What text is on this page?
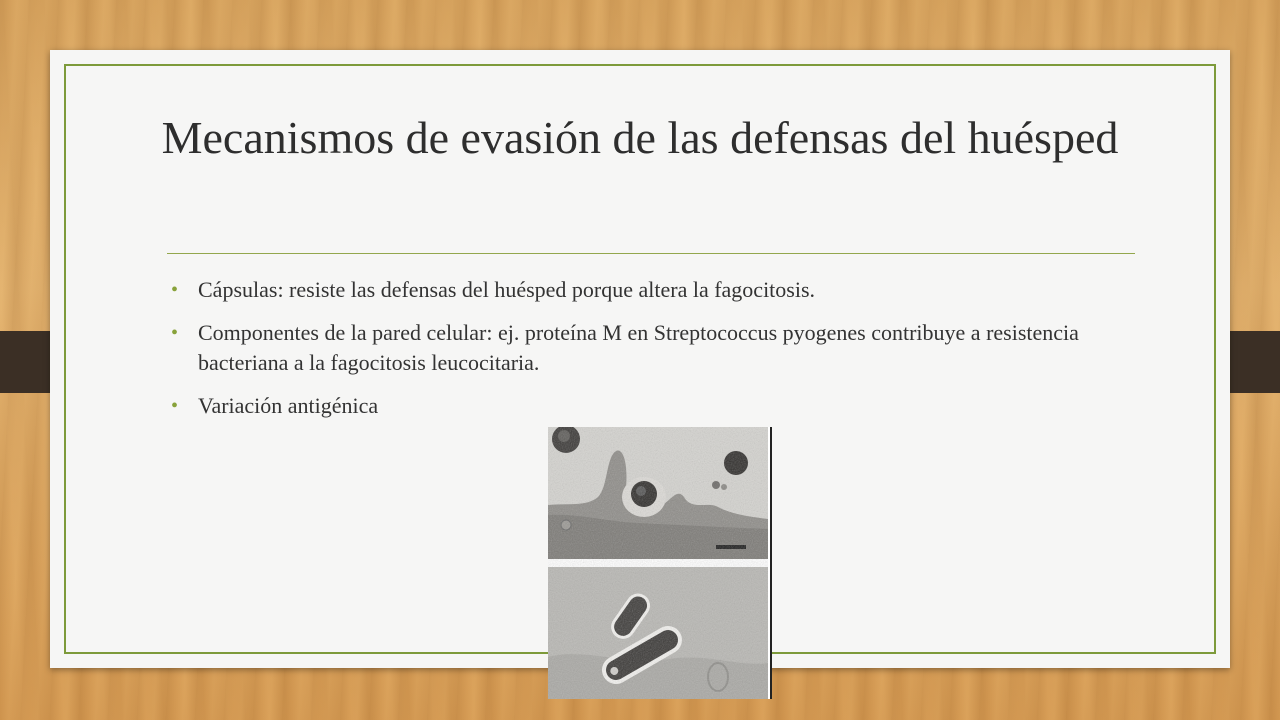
Mecanismos de evasión de las defensas del huésped
• Cápsulas: resiste las defensas del huésped porque altera la fagocitosis.
• Componentes de la pared celular: ej. proteína M en Streptococcus pyogenes contribuye a resistencia bacteriana a la fagocitosis leucocitaria.
• Variación antigénica
